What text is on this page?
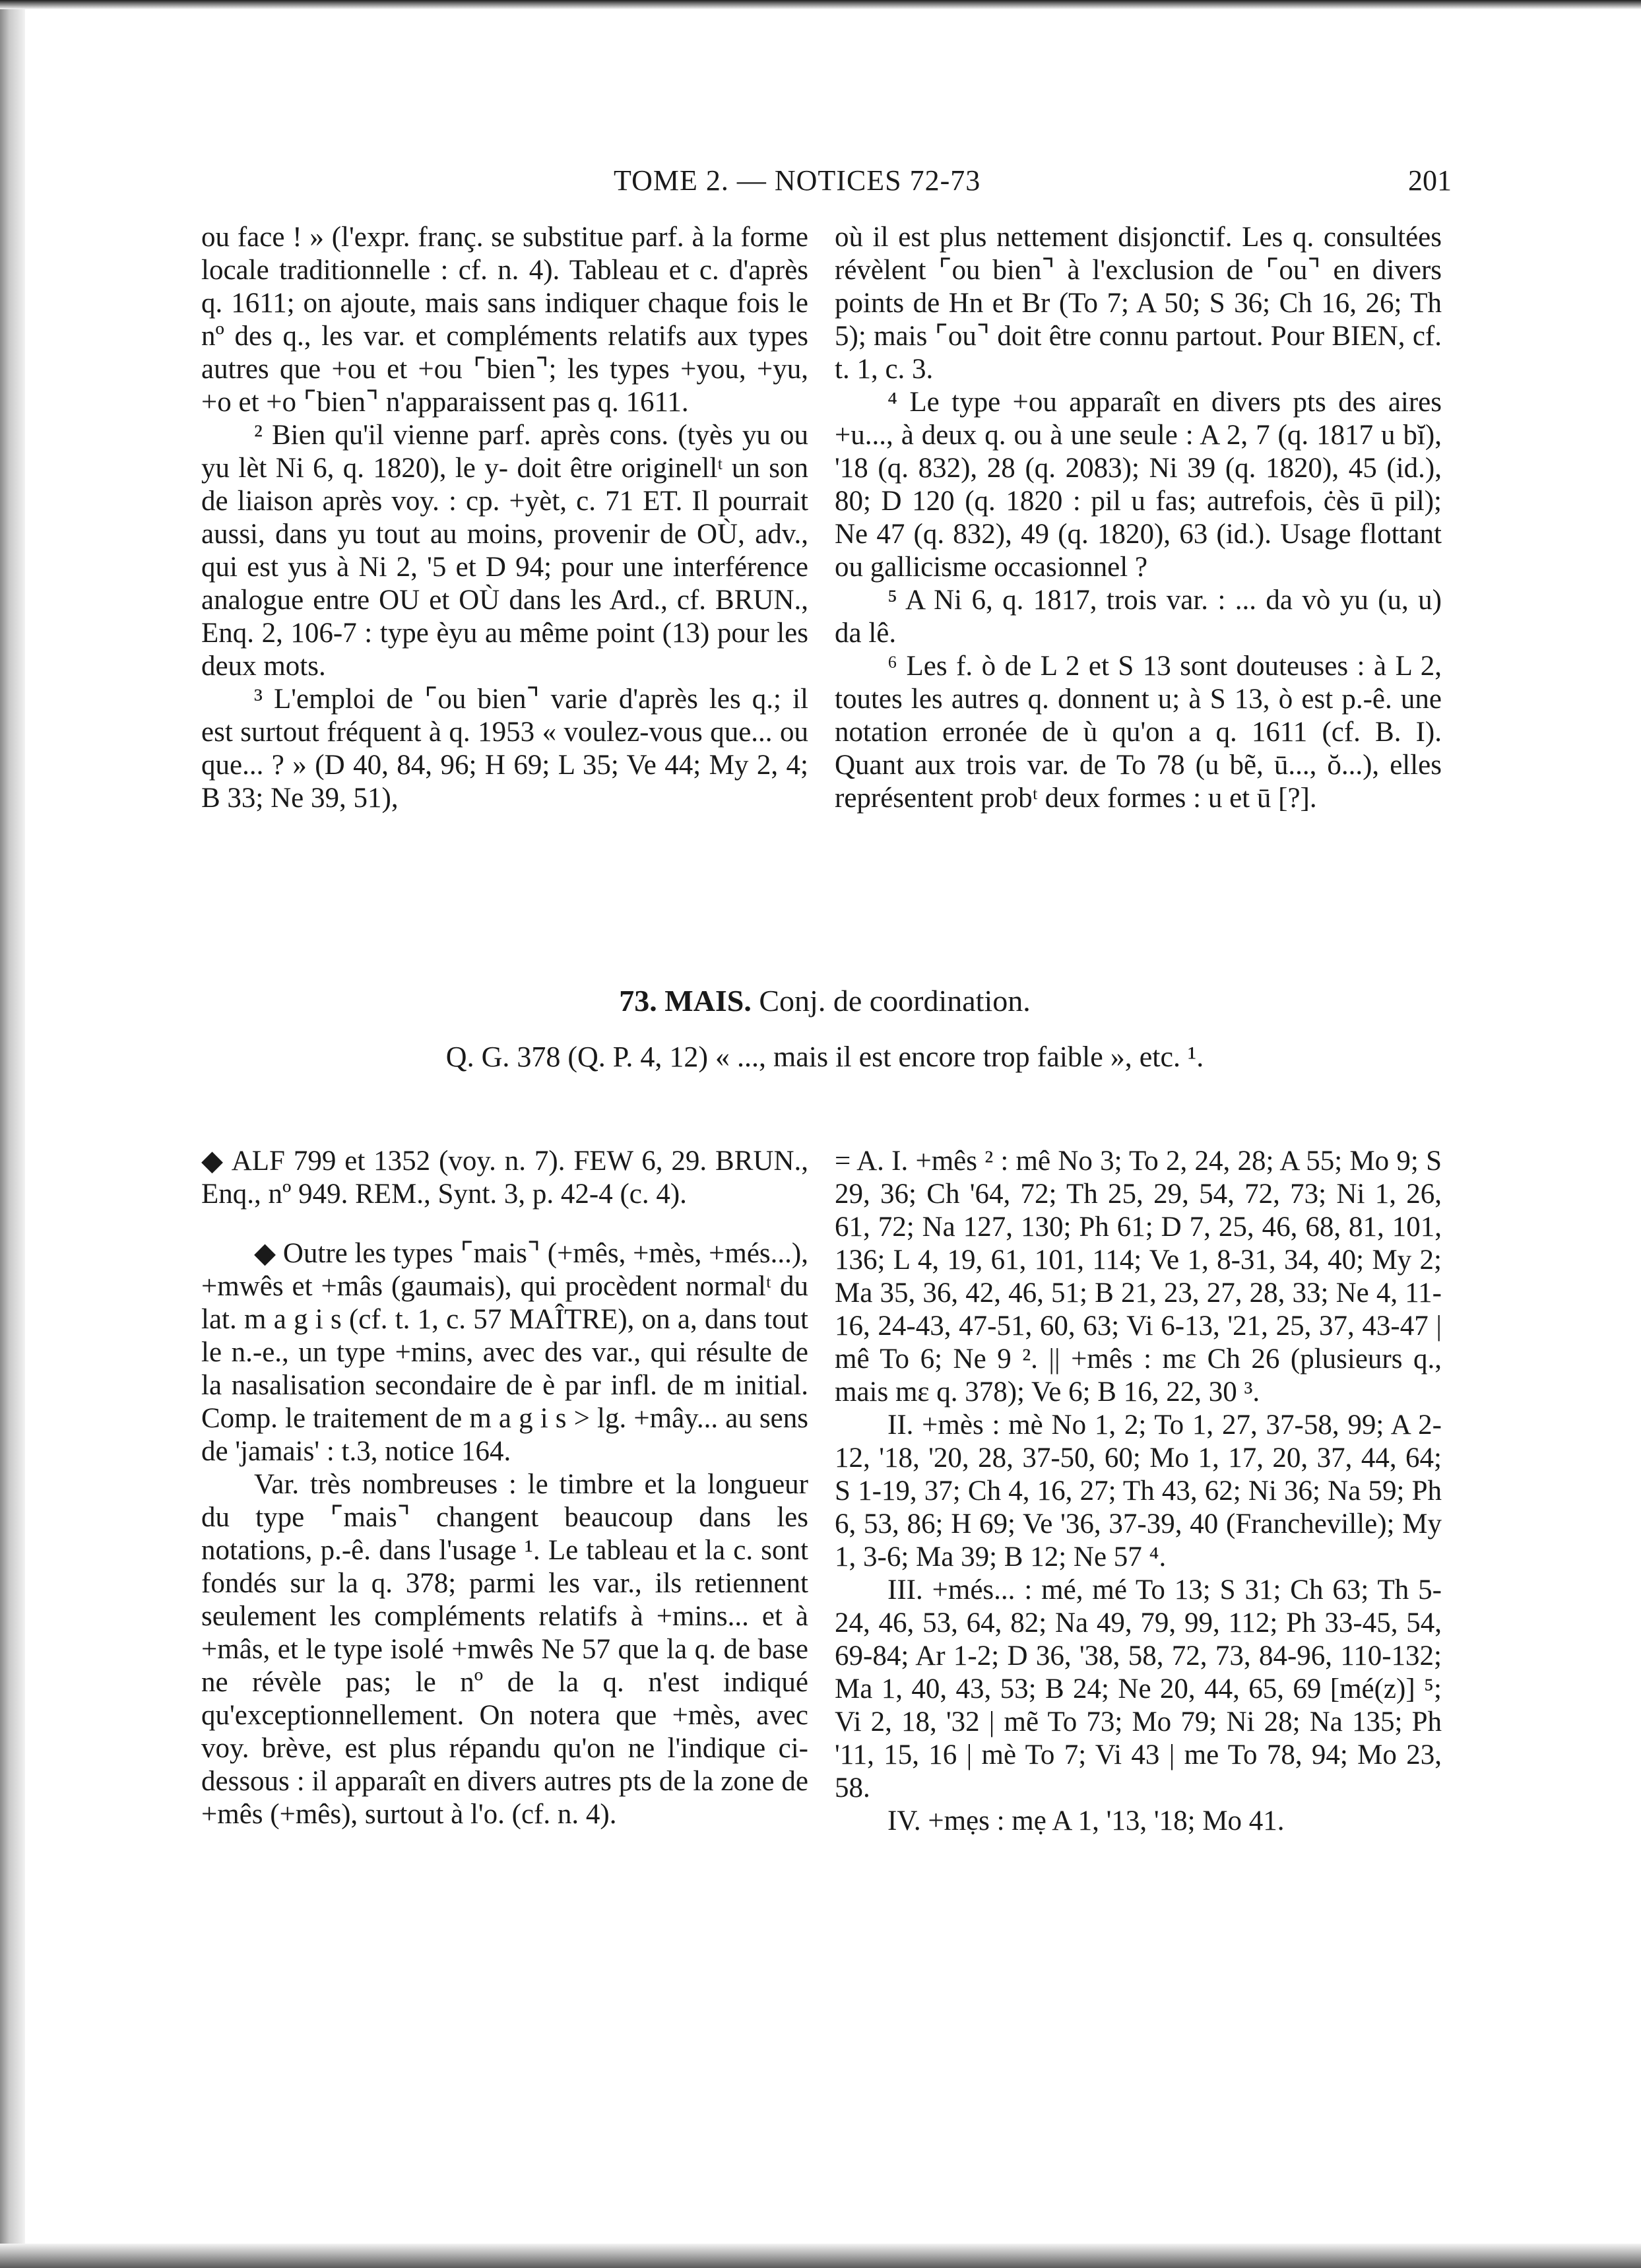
TOME 2. — NOTICES 72-73	201

ou face ! » (l'expr. franç. se substitue parf. à la forme locale traditionnelle : cf. n. 4). Tableau et c. d'après q. 1611; on ajoute, mais sans indiquer chaque fois le nº des q., les var. et compléments relatifs aux types autres que +ou et +ou ⌜bien⌝; les types +you, +yu, +o et +o ⌜bien⌝ n'apparaissent pas q. 1611.

² Bien qu'il vienne parf. après cons. (tyès yu ou yu lèt Ni 6, q. 1820), le y- doit être originellᵗ un son de liaison après voy. : cp. +yèt, c. 71 ET. Il pourrait aussi, dans yu tout au moins, provenir de OÙ, adv., qui est yus à Ni 2, '5 et D 94; pour une interférence analogue entre OU et OÙ dans les Ard., cf. BRUN., Enq. 2, 106-7 : type èyu au même point (13) pour les deux mots.

³ L'emploi de ⌜ou bien⌝ varie d'après les q.; il est surtout fréquent à q. 1953 « voulez-vous que... ou que... ? » (D 40, 84, 96; H 69; L 35; Ve 44; My 2, 4; B 33; Ne 39, 51),

où il est plus nettement disjonctif. Les q. consultées révèlent ⌜ou bien⌝ à l'exclusion de ⌜ou⌝ en divers points de Hn et Br (To 7; A 50; S 36; Ch 16, 26; Th 5); mais ⌜ou⌝ doit être connu partout. Pour BIEN, cf. t. 1, c. 3.

⁴ Le type +ou apparaît en divers pts des aires +u..., à deux q. ou à une seule : A 2, 7 (q. 1817 u bĭ), '18 (q. 832), 28 (q. 2083); Ni 39 (q. 1820), 45 (id.), 80; D 120 (q. 1820 : pil u fas; autrefois, ċès ū pil); Ne 47 (q. 832), 49 (q. 1820), 63 (id.). Usage flottant ou gallicisme occasionnel ?

⁵ A Ni 6, q. 1817, trois var. : ... da vò yu (u, u) da lê.

⁶ Les f. ò de L 2 et S 13 sont douteuses : à L 2, toutes les autres q. donnent u; à S 13, ò est p.-ê. une notation erronée de ù qu'on a q. 1611 (cf. B. I). Quant aux trois var. de To 78 (u bẽ, ū..., ŏ...), elles représentent probᵗ deux formes : u et ū [?].

73. MAIS. Conj. de coordination.
Q. G. 378 (Q. P. 4, 12) « ..., mais il est encore trop faible », etc. ¹.

◆ ALF 799 et 1352 (voy. n. 7). FEW 6, 29. BRUN., Enq., nº 949. REM., Synt. 3, p. 42-4 (c. 4).

◆ Outre les types ⌜mais⌝ (+mês, +mès, +més...), +mwês et +mâs (gaumais), qui procèdent normalᵗ du lat. m a g i s (cf. t. 1, c. 57 MAÎTRE), on a, dans tout le n.-e., un type +mins, avec des var., qui résulte de la nasalisation secondaire de è par infl. de m initial. Comp. le traitement de m a g i s > lg. +mây... au sens de 'jamais' : t.3, notice 164.

Var. très nombreuses : le timbre et la longueur du type ⌜mais⌝ changent beaucoup dans les notations, p.-ê. dans l'usage ¹. Le tableau et la c. sont fondés sur la q. 378; parmi les var., ils retiennent seulement les compléments relatifs à +mins... et à +mâs, et le type isolé +mwês Ne 57 que la q. de base ne révèle pas; le nº de la q. n'est indiqué qu'exceptionnellement. On notera que +mès, avec voy. brève, est plus répandu qu'on ne l'indique ci-dessous : il apparaît en divers autres pts de la zone de +mês (+mês), surtout à l'o. (cf. n. 4).

= A. I. +mês ² : mê No 3; To 2, 24, 28; A 55; Mo 9; S 29, 36; Ch '64, 72; Th 25, 29, 54, 72, 73; Ni 1, 26, 61, 72; Na 127, 130; Ph 61; D 7, 25, 46, 68, 81, 101, 136; L 4, 19, 61, 101, 114; Ve 1, 8-31, 34, 40; My 2; Ma 35, 36, 42, 46, 51; B 21, 23, 27, 28, 33; Ne 4, 11-16, 24-43, 47-51, 60, 63; Vi 6-13, '21, 25, 37, 43-47 | mê To 6; Ne 9 ². || +mês : mɛ Ch 26 (plusieurs q., mais mɛ q. 378); Ve 6; B 16, 22, 30 ³.

II. +mès : mè No 1, 2; To 1, 27, 37-58, 99; A 2-12, '18, '20, 28, 37-50, 60; Mo 1, 17, 20, 37, 44, 64; S 1-19, 37; Ch 4, 16, 27; Th 43, 62; Ni 36; Na 59; Ph 6, 53, 86; H 69; Ve '36, 37-39, 40 (Francheville); My 1, 3-6; Ma 39; B 12; Ne 57 ⁴.

III. +més... : mé, mé To 13; S 31; Ch 63; Th 5-24, 46, 53, 64, 82; Na 49, 79, 99, 112; Ph 33-45, 54, 69-84; Ar 1-2; D 36, '38, 58, 72, 73, 84-96, 110-132; Ma 1, 40, 43, 53; B 24; Ne 20, 44, 65, 69 [mé(z)] ⁵; Vi 2, 18, '32 | mẽ To 73; Mo 79; Ni 28; Na 135; Ph '11, 15, 16 | mè To 7; Vi 43 | me To 78, 94; Mo 23, 58.

IV. +mẹs : mẹ A 1, '13, '18; Mo 41.
